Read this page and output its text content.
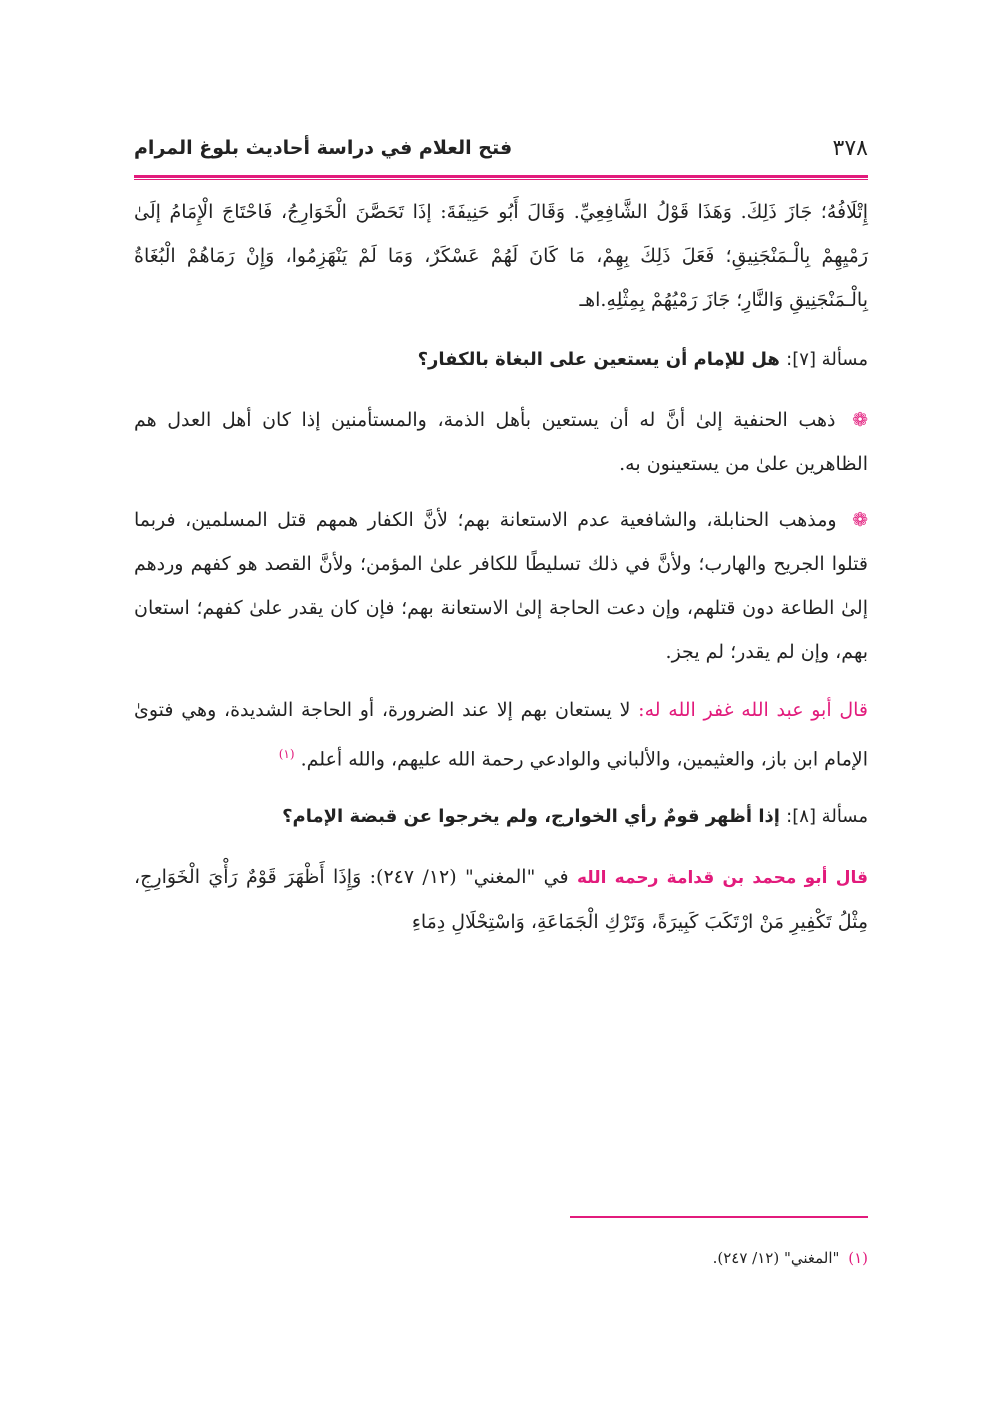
٣٧٨
فتح العلام في دراسة أحاديث بلوغ المرام

إِتْلَافُهُ؛ جَازَ ذَلِكَ. وَهَذَا قَوْلُ الشَّافِعِيِّ. وَقَالَ أَبُو حَنِيفَةَ: إذَا تَحَصَّنَ الْخَوَارِجُ، فَاحْتَاجَ الْإِمَامُ إلَىٰ رَمْيِهِمْ بِالْـمَنْجَنِيقِ؛ فَعَلَ ذَلِكَ بِهِمْ، مَا كَانَ لَهُمْ عَسْكَرٌ، وَمَا لَمْ يَنْهَزِمُوا، وَإِنْ رَمَاهُمْ الْبُغَاةُ بِالْـمَنْجَنِيقِ وَالنَّارِ؛ جَازَ رَمْيُهُمْ بِمِثْلِهِ.اهـ

مسألة [٧]: هل للإمام أن يستعين على البغاة بالكفار؟

❁ ذهب الحنفية إلىٰ أنَّ له أن يستعين بأهل الذمة، والمستأمنين إذا كان أهل العدل هم الظاهرين علىٰ من يستعينون به.

❁ ومذهب الحنابلة، والشافعية عدم الاستعانة بهم؛ لأنَّ الكفار همهم قتل المسلمين، فربما قتلوا الجريح والهارب؛ ولأنَّ في ذلك تسليطًا للكافر علىٰ المؤمن؛ ولأنَّ القصد هو كفهم وردهم إلىٰ الطاعة دون قتلهم، وإن دعت الحاجة إلىٰ الاستعانة بهم؛ فإن كان يقدر علىٰ كفهم؛ استعان بهم، وإن لم يقدر؛ لم يجز.

قال أبو عبد الله غفر الله له: لا يستعان بهم إلا عند الضرورة، أو الحاجة الشديدة، وهي فتوىٰ الإمام ابن باز، والعثيمين، والألباني والوادعي رحمة الله عليهم، والله أعلم. $^{(١)}$

مسألة [٨]: إذا أظهر قومٌ رأي الخوارج، ولم يخرجوا عن قبضة الإمام؟

قال أبو محمد بن قدامة رحمه الله في "المغني" (١٢/ ٢٤٧): وَإِذَا أَظْهَرَ قَوْمٌ رَأْيَ الْخَوَارِجِ، مِثْلُ تَكْفِيرِ مَنْ ارْتَكَبَ كَبِيرَةً، وَتَرْكِ الْجَمَاعَةِ، وَاسْتِحْلَالِ دِمَاءِ

(١) "المغني" (١٢/ ٢٤٧).
